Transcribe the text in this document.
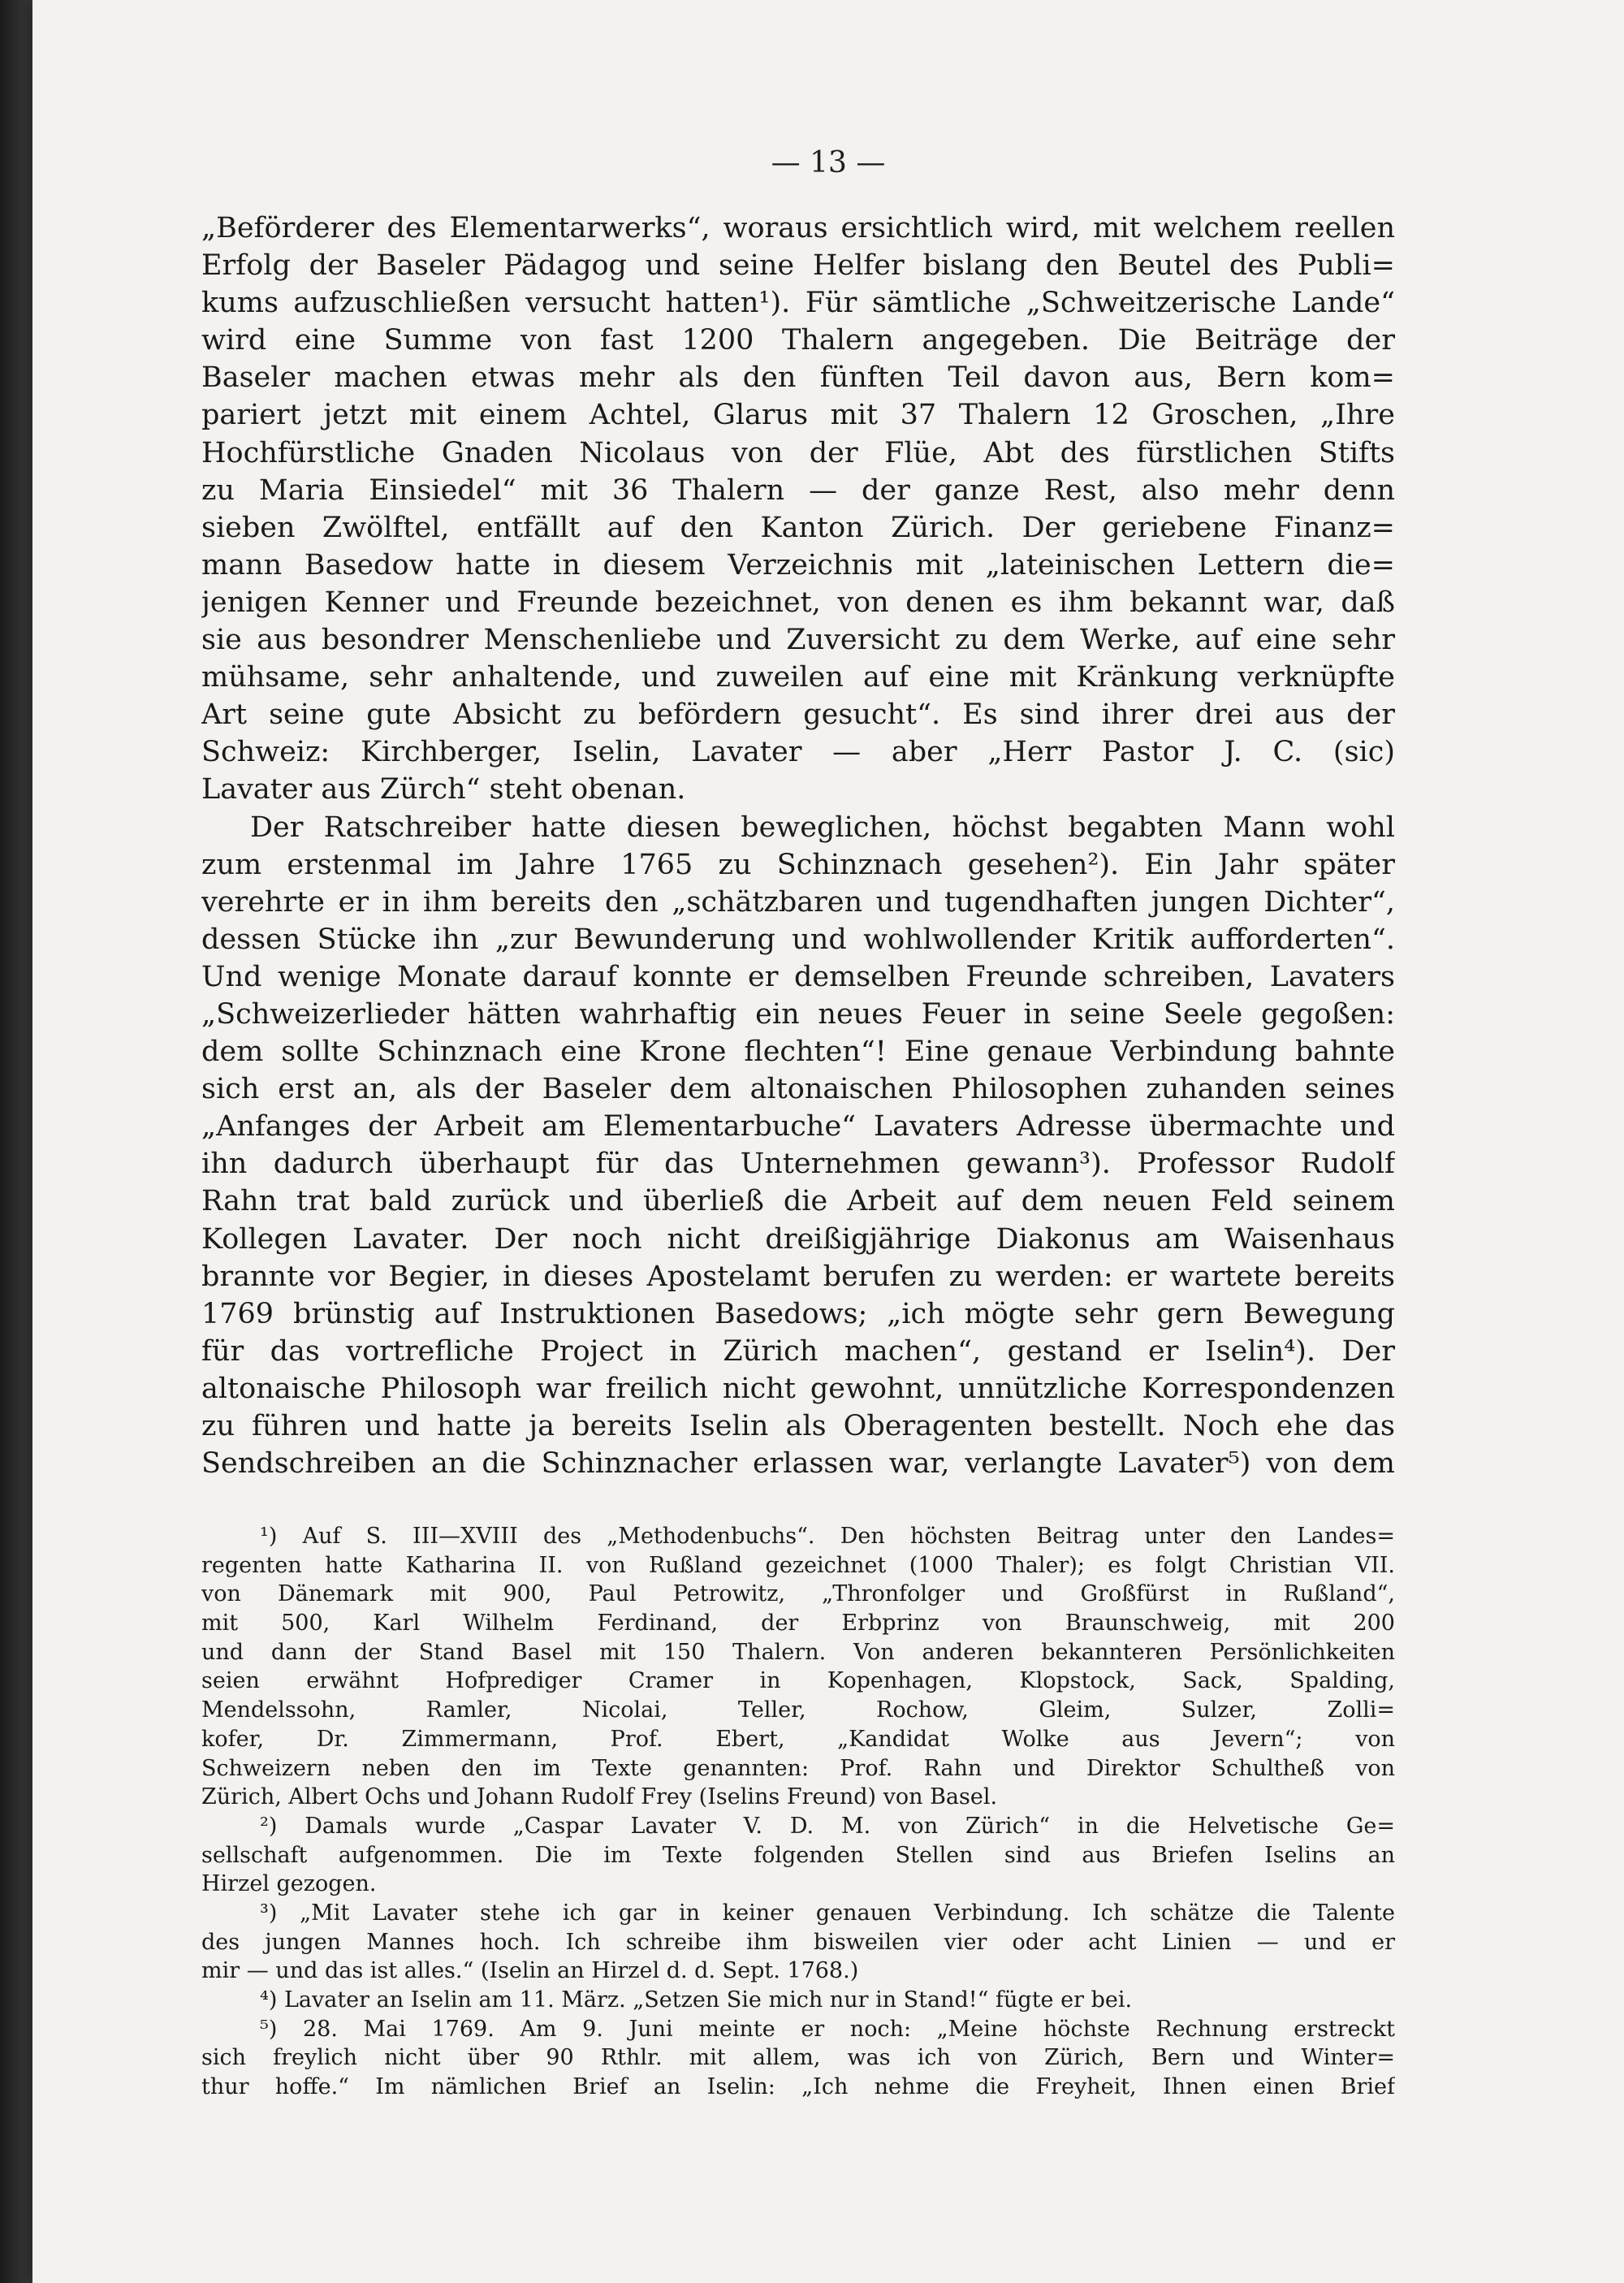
— 13 —
„Beförderer des Elementarwerks“, woraus ersichtlich wird, mit welchem reellen
Erfolg der Baseler Pädagog und seine Helfer bislang den Beutel des Publi=
kums aufzuschließen versucht hatten¹). Für sämtliche „Schweitzerische Lande“
wird eine Summe von fast 1200 Thalern angegeben. Die Beiträge der
Baseler machen etwas mehr als den fünften Teil davon aus, Bern kom=
pariert jetzt mit einem Achtel, Glarus mit 37 Thalern 12 Groschen, „Ihre
Hochfürstliche Gnaden Nicolaus von der Flüe, Abt des fürstlichen Stifts
zu Maria Einsiedel“ mit 36 Thalern — der ganze Rest, also mehr denn
sieben Zwölftel, entfällt auf den Kanton Zürich. Der geriebene Finanz=
mann Basedow hatte in diesem Verzeichnis mit „lateinischen Lettern die=
jenigen Kenner und Freunde bezeichnet, von denen es ihm bekannt war, daß
sie aus besondrer Menschenliebe und Zuversicht zu dem Werke, auf eine sehr
mühsame, sehr anhaltende, und zuweilen auf eine mit Kränkung verknüpfte
Art seine gute Absicht zu befördern gesucht“. Es sind ihrer drei aus der
Schweiz: Kirchberger, Iselin, Lavater — aber „Herr Pastor J. C. (sic)
Lavater aus Zürch“ steht obenan.
Der Ratschreiber hatte diesen beweglichen, höchst begabten Mann wohl
zum erstenmal im Jahre 1765 zu Schinznach gesehen²). Ein Jahr später
verehrte er in ihm bereits den „schätzbaren und tugendhaften jungen Dichter“,
dessen Stücke ihn „zur Bewunderung und wohlwollender Kritik aufforderten“.
Und wenige Monate darauf konnte er demselben Freunde schreiben, Lavaters
„Schweizerlieder hätten wahrhaftig ein neues Feuer in seine Seele gegoßen:
dem sollte Schinznach eine Krone flechten“! Eine genaue Verbindung bahnte
sich erst an, als der Baseler dem altonaischen Philosophen zuhanden seines
„Anfanges der Arbeit am Elementarbuche“ Lavaters Adresse übermachte und
ihn dadurch überhaupt für das Unternehmen gewann³). Professor Rudolf
Rahn trat bald zurück und überließ die Arbeit auf dem neuen Feld seinem
Kollegen Lavater. Der noch nicht dreißigjährige Diakonus am Waisenhaus
brannte vor Begier, in dieses Apostelamt berufen zu werden: er wartete bereits
1769 brünstig auf Instruktionen Basedows; „ich mögte sehr gern Bewegung
für das vortrefliche Project in Zürich machen“, gestand er Iselin⁴). Der
altonaische Philosoph war freilich nicht gewohnt, unnützliche Korrespondenzen
zu führen und hatte ja bereits Iselin als Oberagenten bestellt. Noch ehe das
Sendschreiben an die Schinznacher erlassen war, verlangte Lavater⁵) von dem
¹) Auf S. III—XVIII des „Methodenbuchs“. Den höchsten Beitrag unter den Landes=
regenten hatte Katharina II. von Rußland gezeichnet (1000 Thaler); es folgt Christian VII.
von Dänemark mit 900, Paul Petrowitz, „Thronfolger und Großfürst in Rußland“,
mit 500, Karl Wilhelm Ferdinand, der Erbprinz von Braunschweig, mit 200
und dann der Stand Basel mit 150 Thalern. Von anderen bekannteren Persönlichkeiten
seien erwähnt Hofprediger Cramer in Kopenhagen, Klopstock, Sack, Spalding,
Mendelssohn, Ramler, Nicolai, Teller, Rochow, Gleim, Sulzer, Zolli=
kofer, Dr. Zimmermann, Prof. Ebert, „Kandidat Wolke aus Jevern“; von
Schweizern neben den im Texte genannten: Prof. Rahn und Direktor Schultheß von
Zürich, Albert Ochs und Johann Rudolf Frey (Iselins Freund) von Basel.
²) Damals wurde „Caspar Lavater V. D. M. von Zürich“ in die Helvetische Ge=
sellschaft aufgenommen. Die im Texte folgenden Stellen sind aus Briefen Iselins an
Hirzel gezogen.
³) „Mit Lavater stehe ich gar in keiner genauen Verbindung. Ich schätze die Talente
des jungen Mannes hoch. Ich schreibe ihm bisweilen vier oder acht Linien — und er
mir — und das ist alles.“ (Iselin an Hirzel d. d. Sept. 1768.)
⁴) Lavater an Iselin am 11. März. „Setzen Sie mich nur in Stand!“ fügte er bei.
⁵) 28. Mai 1769. Am 9. Juni meinte er noch: „Meine höchste Rechnung erstreckt
sich freylich nicht über 90 Rthlr. mit allem, was ich von Zürich, Bern und Winter=
thur hoffe.“ Im nämlichen Brief an Iselin: „Ich nehme die Freyheit, Ihnen einen Brief
